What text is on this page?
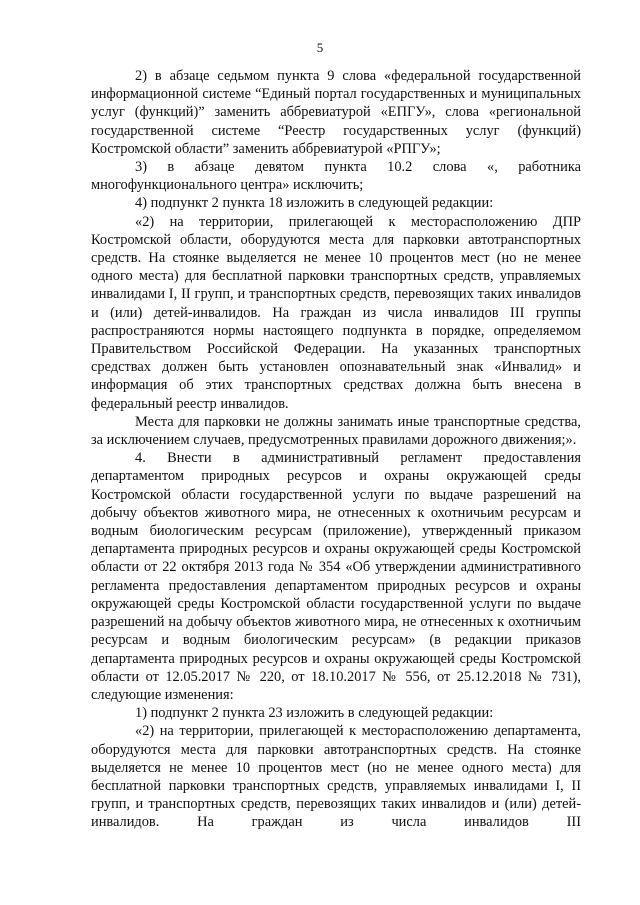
5

2) в абзаце седьмом пункта 9 слова «федеральной государственной информационной системе “Единый портал государственных и муниципальных услуг (функций)” заменить аббревиатурой «ЕПГУ», слова «региональной государственной системе “Реестр государственных услуг (функций) Костромской области” заменить аббревиатурой «РПГУ»;

3) в абзаце девятом пункта 10.2 слова «, работника многофункционального центра» исключить;

4) подпункт 2 пункта 18 изложить в следующей редакции:

«2) на территории, прилегающей к месторасположению ДПР Костромской области, оборудуются места для парковки автотранспортных средств. На стоянке выделяется не менее 10 процентов мест (но не менее одного места) для бесплатной парковки транспортных средств, управляемых инвалидами I, II групп, и транспортных средств, перевозящих таких инвалидов и (или) детей-инвалидов. На граждан из числа инвалидов III группы распространяются нормы настоящего подпункта в порядке, определяемом Правительством Российской Федерации. На указанных транспортных средствах должен быть установлен опознавательный знак «Инвалид» и информация об этих транспортных средствах должна быть внесена в федеральный реестр инвалидов.

Места для парковки не должны занимать иные транспортные средства, за исключением случаев, предусмотренных правилами дорожного движения;».

4. Внести в административный регламент предоставления департаментом природных ресурсов и охраны окружающей среды Костромской области государственной услуги по выдаче разрешений на добычу объектов животного мира, не отнесенных к охотничьим ресурсам и водным биологическим ресурсам (приложение), утвержденный приказом департамента природных ресурсов и охраны окружающей среды Костромской области от 22 октября 2013 года № 354 «Об утверждении административного регламента предоставления департаментом природных ресурсов и охраны окружающей среды Костромской области государственной услуги по выдаче разрешений на добычу объектов животного мира, не отнесенных к охотничьим ресурсам и водным биологическим ресурсам» (в редакции приказов департамента природных ресурсов и охраны окружающей среды Костромской области от 12.05.2017 № 220, от 18.10.2017 № 556, от 25.12.2018 № 731), следующие изменения:

1) подпункт 2 пункта 23 изложить в следующей редакции:

«2) на территории, прилегающей к месторасположению департамента, оборудуются места для парковки автотранспортных средств. На стоянке выделяется не менее 10 процентов мест (но не менее одного места) для бесплатной парковки транспортных средств, управляемых инвалидами I, II групп, и транспортных средств, перевозящих таких инвалидов и (или) детей-инвалидов. На граждан из числа инвалидов III
